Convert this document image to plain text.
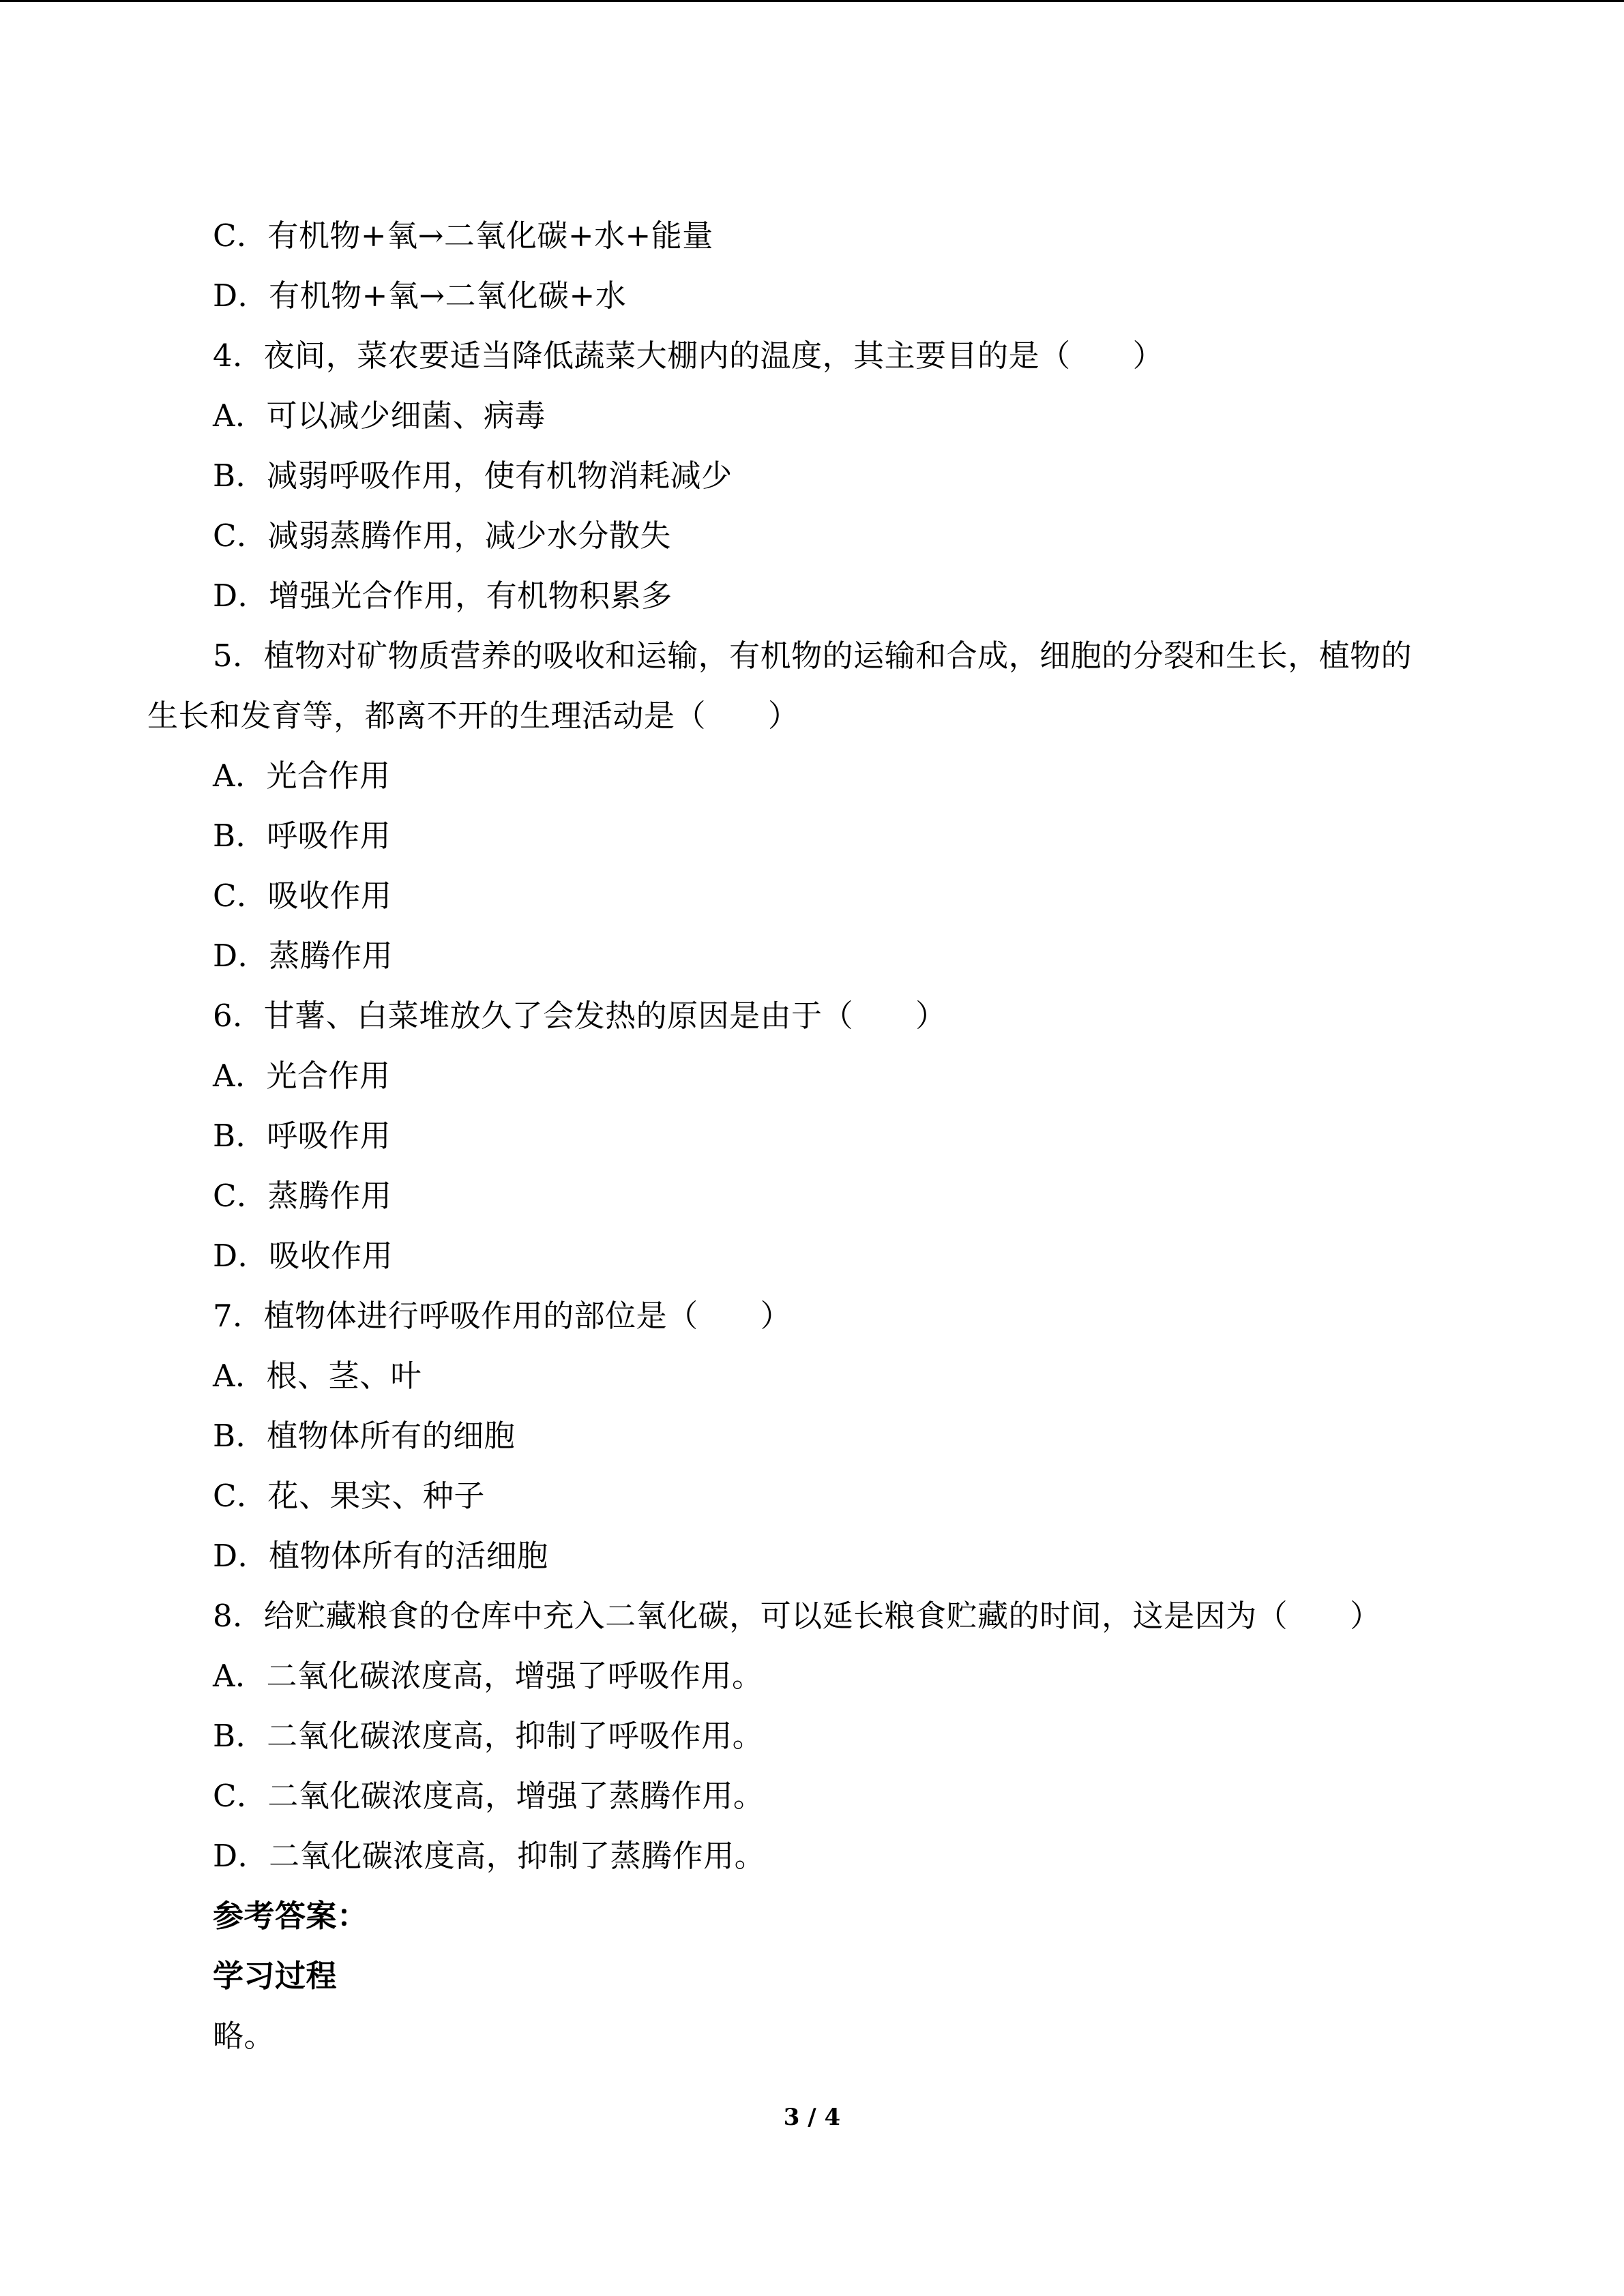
C．有机物+氧→二氧化碳+水+能量
D．有机物+氧→二氧化碳+水
4．夜间，菜农要适当降低蔬菜大棚内的温度，其主要目的是（　　）
A．可以减少细菌、病毒
B．减弱呼吸作用，使有机物消耗减少
C．减弱蒸腾作用，减少水分散失
D．增强光合作用，有机物积累多
5．植物对矿物质营养的吸收和运输，有机物的运输和合成，细胞的分裂和生长，植物的
生长和发育等，都离不开的生理活动是（　　）
A．光合作用
B．呼吸作用
C．吸收作用
D．蒸腾作用
6．甘薯、白菜堆放久了会发热的原因是由于（　　）
A．光合作用
B．呼吸作用
C．蒸腾作用
D．吸收作用
7．植物体进行呼吸作用的部位是（　　）
A．根、茎、叶
B．植物体所有的细胞
C．花、果实、种子
D．植物体所有的活细胞
8．给贮藏粮食的仓库中充入二氧化碳，可以延长粮食贮藏的时间，这是因为（　　）
A．二氧化碳浓度高，增强了呼吸作用。
B．二氧化碳浓度高，抑制了呼吸作用。
C．二氧化碳浓度高，增强了蒸腾作用。
D．二氧化碳浓度高，抑制了蒸腾作用。
参考答案：
学习过程
略。
3 / 4
